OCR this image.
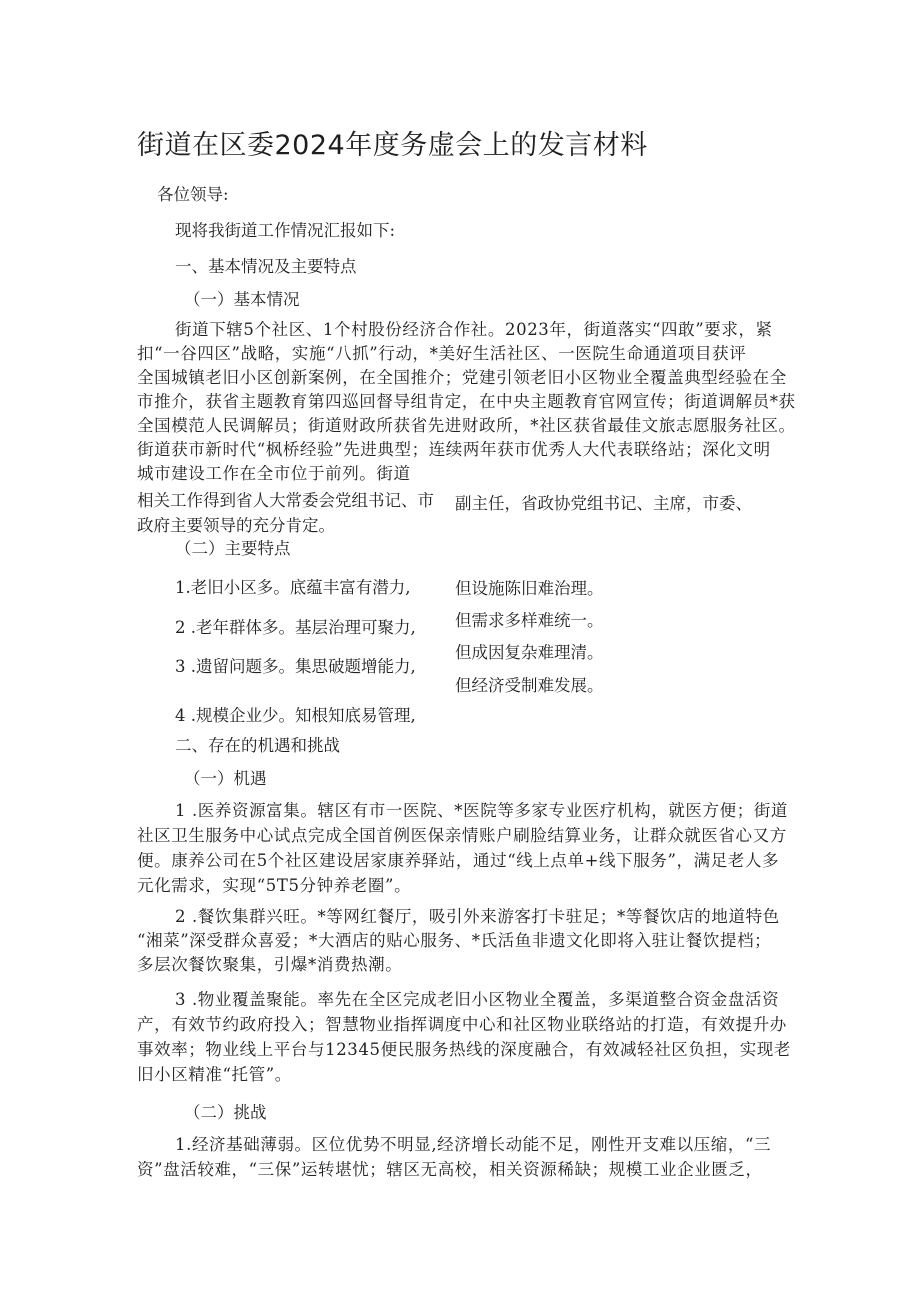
街道在区委2024年度务虚会上的发言材料
各位领导:
现将我街道工作情况汇报如下:
一、基本情况及主要特点
（一）基本情况
街道下辖5个社区、1个村股份经济合作社。2023年，街道落实“四敢”要求，紧
扣“一谷四区”战略，实施“八抓”行动，*美好生活社区、一医院生命通道项目获评
全国城镇老旧小区创新案例，在全国推介；党建引领老旧小区物业全覆盖典型经验在全
市推介，获省主题教育第四巡回督导组肯定，在中央主题教育官网宣传；街道调解员*获
全国模范人民调解员；街道财政所获省先进财政所，*社区获省最佳文旅志愿服务社区。
街道获市新时代“枫桥经验”先进典型；连续两年获市优秀人大代表联络站；深化文明
城市建设工作在全市位于前列。街道
相关工作得到省人大常委会党组书记、市 副主任，省政协党组书记、主席，市委、
政府主要领导的充分肯定。
（二）主要特点
1.老旧小区多。底蕴丰富有潜力,
2 .老年群体多。基层治理可聚力,
3 .遗留问题多。集思破题增能力,
4 .规模企业少。知根知底易管理,
但设施陈旧难治理。
但需求多样难统一。
但成因复杂难理清。
但经济受制难发展。
二、存在的机遇和挑战
（一）机遇
1 .医养资源富集。辖区有市一医院、*医院等多家专业医疗机构，就医方便；街道
社区卫生服务中心试点完成全国首例医保亲情账户刷脸结算业务，让群众就医省心又方
便。康养公司在5个社区建设居家康养驿站，通过“线上点单+线下服务”，满足老人多
元化需求，实现“5T5分钟养老圈”。
2 .餐饮集群兴旺。*等网红餐厅，吸引外来游客打卡驻足；*等餐饮店的地道特色
“湘菜”深受群众喜爱；*大酒店的贴心服务、*氏活鱼非遗文化即将入驻让餐饮提档；
多层次餐饮聚集，引爆*消费热潮。
3 .物业覆盖聚能。率先在全区完成老旧小区物业全覆盖，多渠道整合资金盘活资
产，有效节约政府投入；智慧物业指挥调度中心和社区物业联络站的打造，有效提升办
事效率；物业线上平台与12345便民服务热线的深度融合，有效减轻社区负担，实现老
旧小区精准“托管”。
（二）挑战
1.经济基础薄弱。区位优势不明显,经济增长动能不足，刚性开支难以压缩，“三
资”盘活较难，“三保”运转堪忧；辖区无高校，相关资源稀缺；规模工业企业匮乏，
